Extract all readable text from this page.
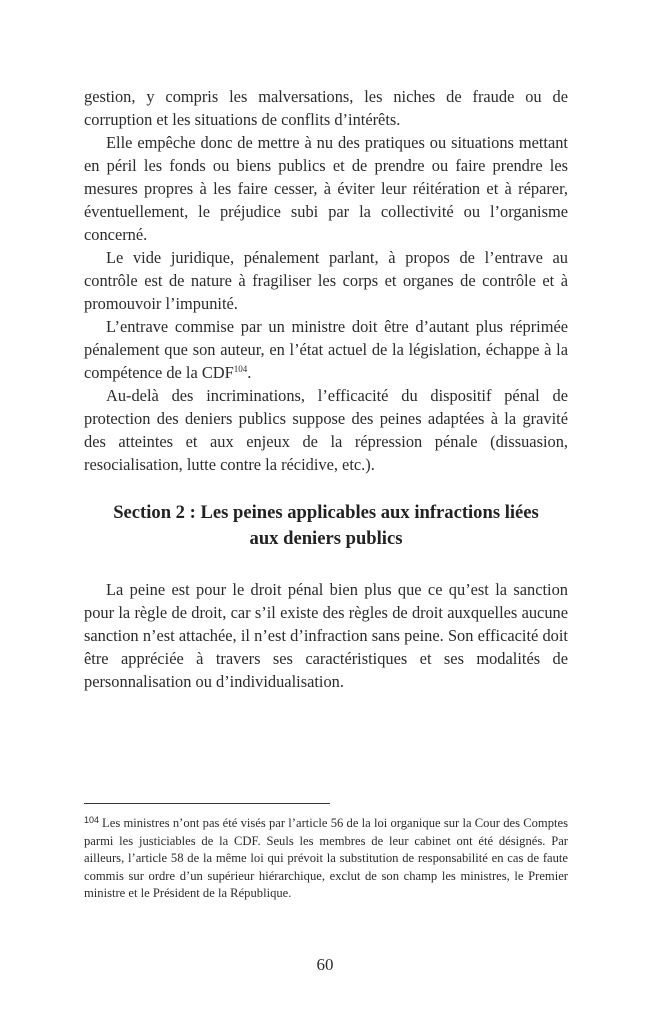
gestion, y compris les malversations, les niches de fraude ou de corruption et les situations de conflits d’intérêts.

Elle empêche donc de mettre à nu des pratiques ou situations mettant en péril les fonds ou biens publics et de prendre ou faire prendre les mesures propres à les faire cesser, à éviter leur réitération et à réparer, éventuellement, le préjudice subi par la collectivité ou l’organisme concerné.

Le vide juridique, pénalement parlant, à propos de l’entrave au contrôle est de nature à fragiliser les corps et organes de contrôle et à promouvoir l’impunité.

L’entrave commise par un ministre doit être d’autant plus réprimée pénalement que son auteur, en l’état actuel de la législation, échappe à la compétence de la CDF$^{104}$.

Au-delà des incriminations, l’efficacité du dispositif pénal de protection des deniers publics suppose des peines adaptées à la gravité des atteintes et aux enjeux de la répression pénale (dissuasion, resocialisation, lutte contre la récidive, etc.).

Section 2 : Les peines applicables aux infractions liées aux deniers publics

La peine est pour le droit pénal bien plus que ce qu’est la sanction pour la règle de droit, car s’il existe des règles de droit auxquelles aucune sanction n’est attachée, il n’est d’infraction sans peine. Son efficacité doit être appréciée à travers ses caractéristiques et ses modalités de personnalisation ou d’individualisation.

$^{104}$ Les ministres n’ont pas été visés par l’article 56 de la loi organique sur la Cour des Comptes parmi les justiciables de la CDF. Seuls les membres de leur cabinet ont été désignés. Par ailleurs, l’article 58 de la même loi qui prévoit la substitution de responsabilité en cas de faute commis sur ordre d’un supérieur hiérarchique, exclut de son champ les ministres, le Premier ministre et le Président de la République.

60
